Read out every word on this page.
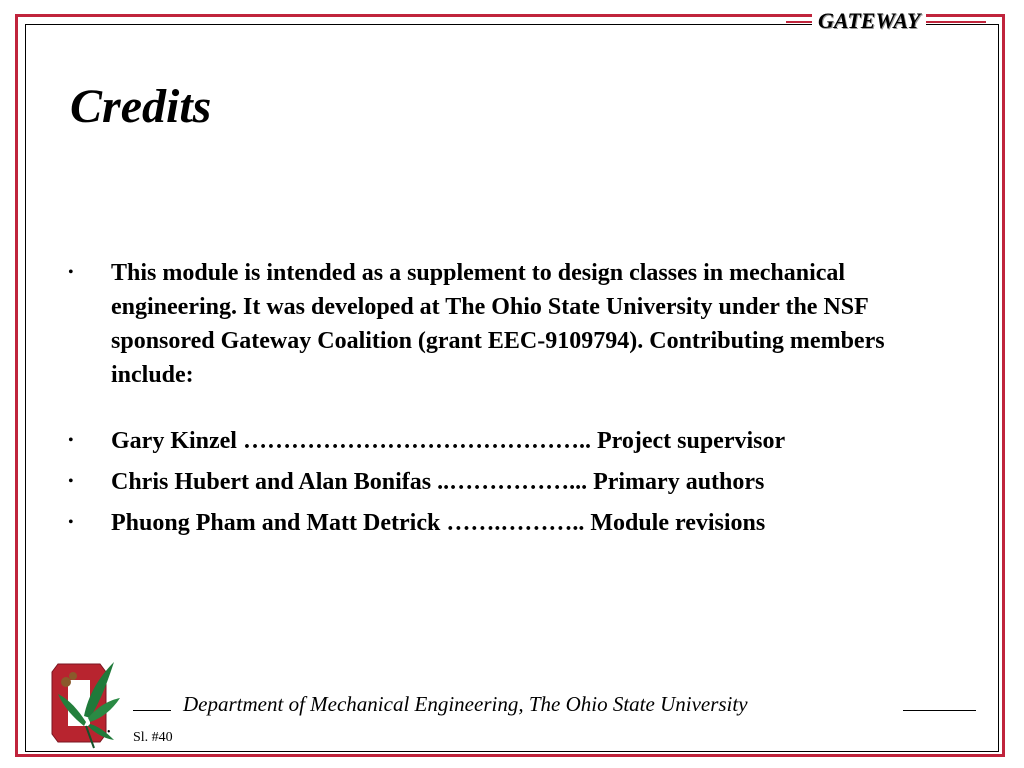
GATEWAY
Credits
• This module is intended as a supplement to design classes in mechanical engineering. It was developed at The Ohio State University under the NSF sponsored Gateway Coalition (grant EEC-9109794). Contributing members include:
• Gary Kinzel …………………………………….. Project supervisor
• Chris Hubert and Alan Bonifas ..……………... Primary authors
• Phuong Pham and Matt Detrick …….……….. Module revisions
Department of Mechanical Engineering, The Ohio State University
• Sl. #40
